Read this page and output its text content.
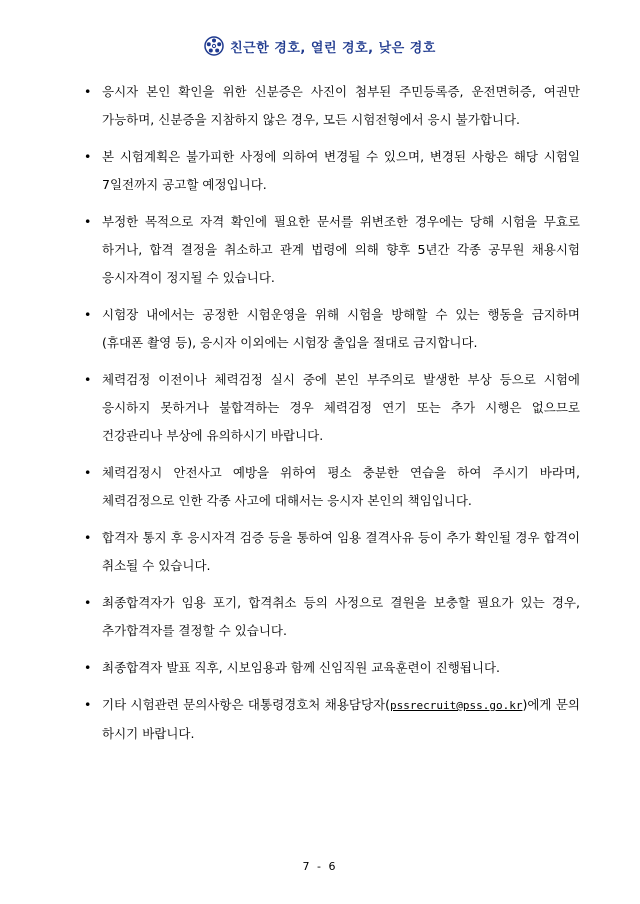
친근한 경호, 열린 경호, 낮은 경호
• 응시자 본인 확인을 위한 신분증은 사진이 첨부된 주민등록증, 운전면허증, 여권만 가능하며, 신분증을 지참하지 않은 경우, 모든 시험전형에서 응시 불가합니다.
• 본 시험계획은 불가피한 사정에 의하여 변경될 수 있으며, 변경된 사항은 해당 시험일 7일전까지 공고할 예정입니다.
• 부정한 목적으로 자격 확인에 필요한 문서를 위변조한 경우에는 당해 시험을 무효로 하거나, 합격 결정을 취소하고 관계 법령에 의해 향후 5년간 각종 공무원 채용시험 응시자격이 정지될 수 있습니다.
• 시험장 내에서는 공정한 시험운영을 위해 시험을 방해할 수 있는 행동을 금지하며(휴대폰 촬영 등), 응시자 이외에는 시험장 출입을 절대로 금지합니다.
• 체력검정 이전이나 체력검정 실시 중에 본인 부주의로 발생한 부상 등으로 시험에 응시하지 못하거나 불합격하는 경우 체력검정 연기 또는 추가 시행은 없으므로 건강관리나 부상에 유의하시기 바랍니다.
• 체력검정시 안전사고 예방을 위하여 평소 충분한 연습을 하여 주시기 바라며, 체력검정으로 인한 각종 사고에 대해서는 응시자 본인의 책임입니다.
• 합격자 통지 후 응시자격 검증 등을 통하여 임용 결격사유 등이 추가 확인될 경우 합격이 취소될 수 있습니다.
• 최종합격자가 임용 포기, 합격취소 등의 사정으로 결원을 보충할 필요가 있는 경우, 추가합격자를 결정할 수 있습니다.
• 최종합격자 발표 직후, 시보임용과 함께 신임직원 교육훈련이 진행됩니다.
• 기타 시험관련 문의사항은 대통령경호처 채용담당자(pssrecruit@pss.go.kr)에게 문의 하시기 바랍니다.
7 - 6
